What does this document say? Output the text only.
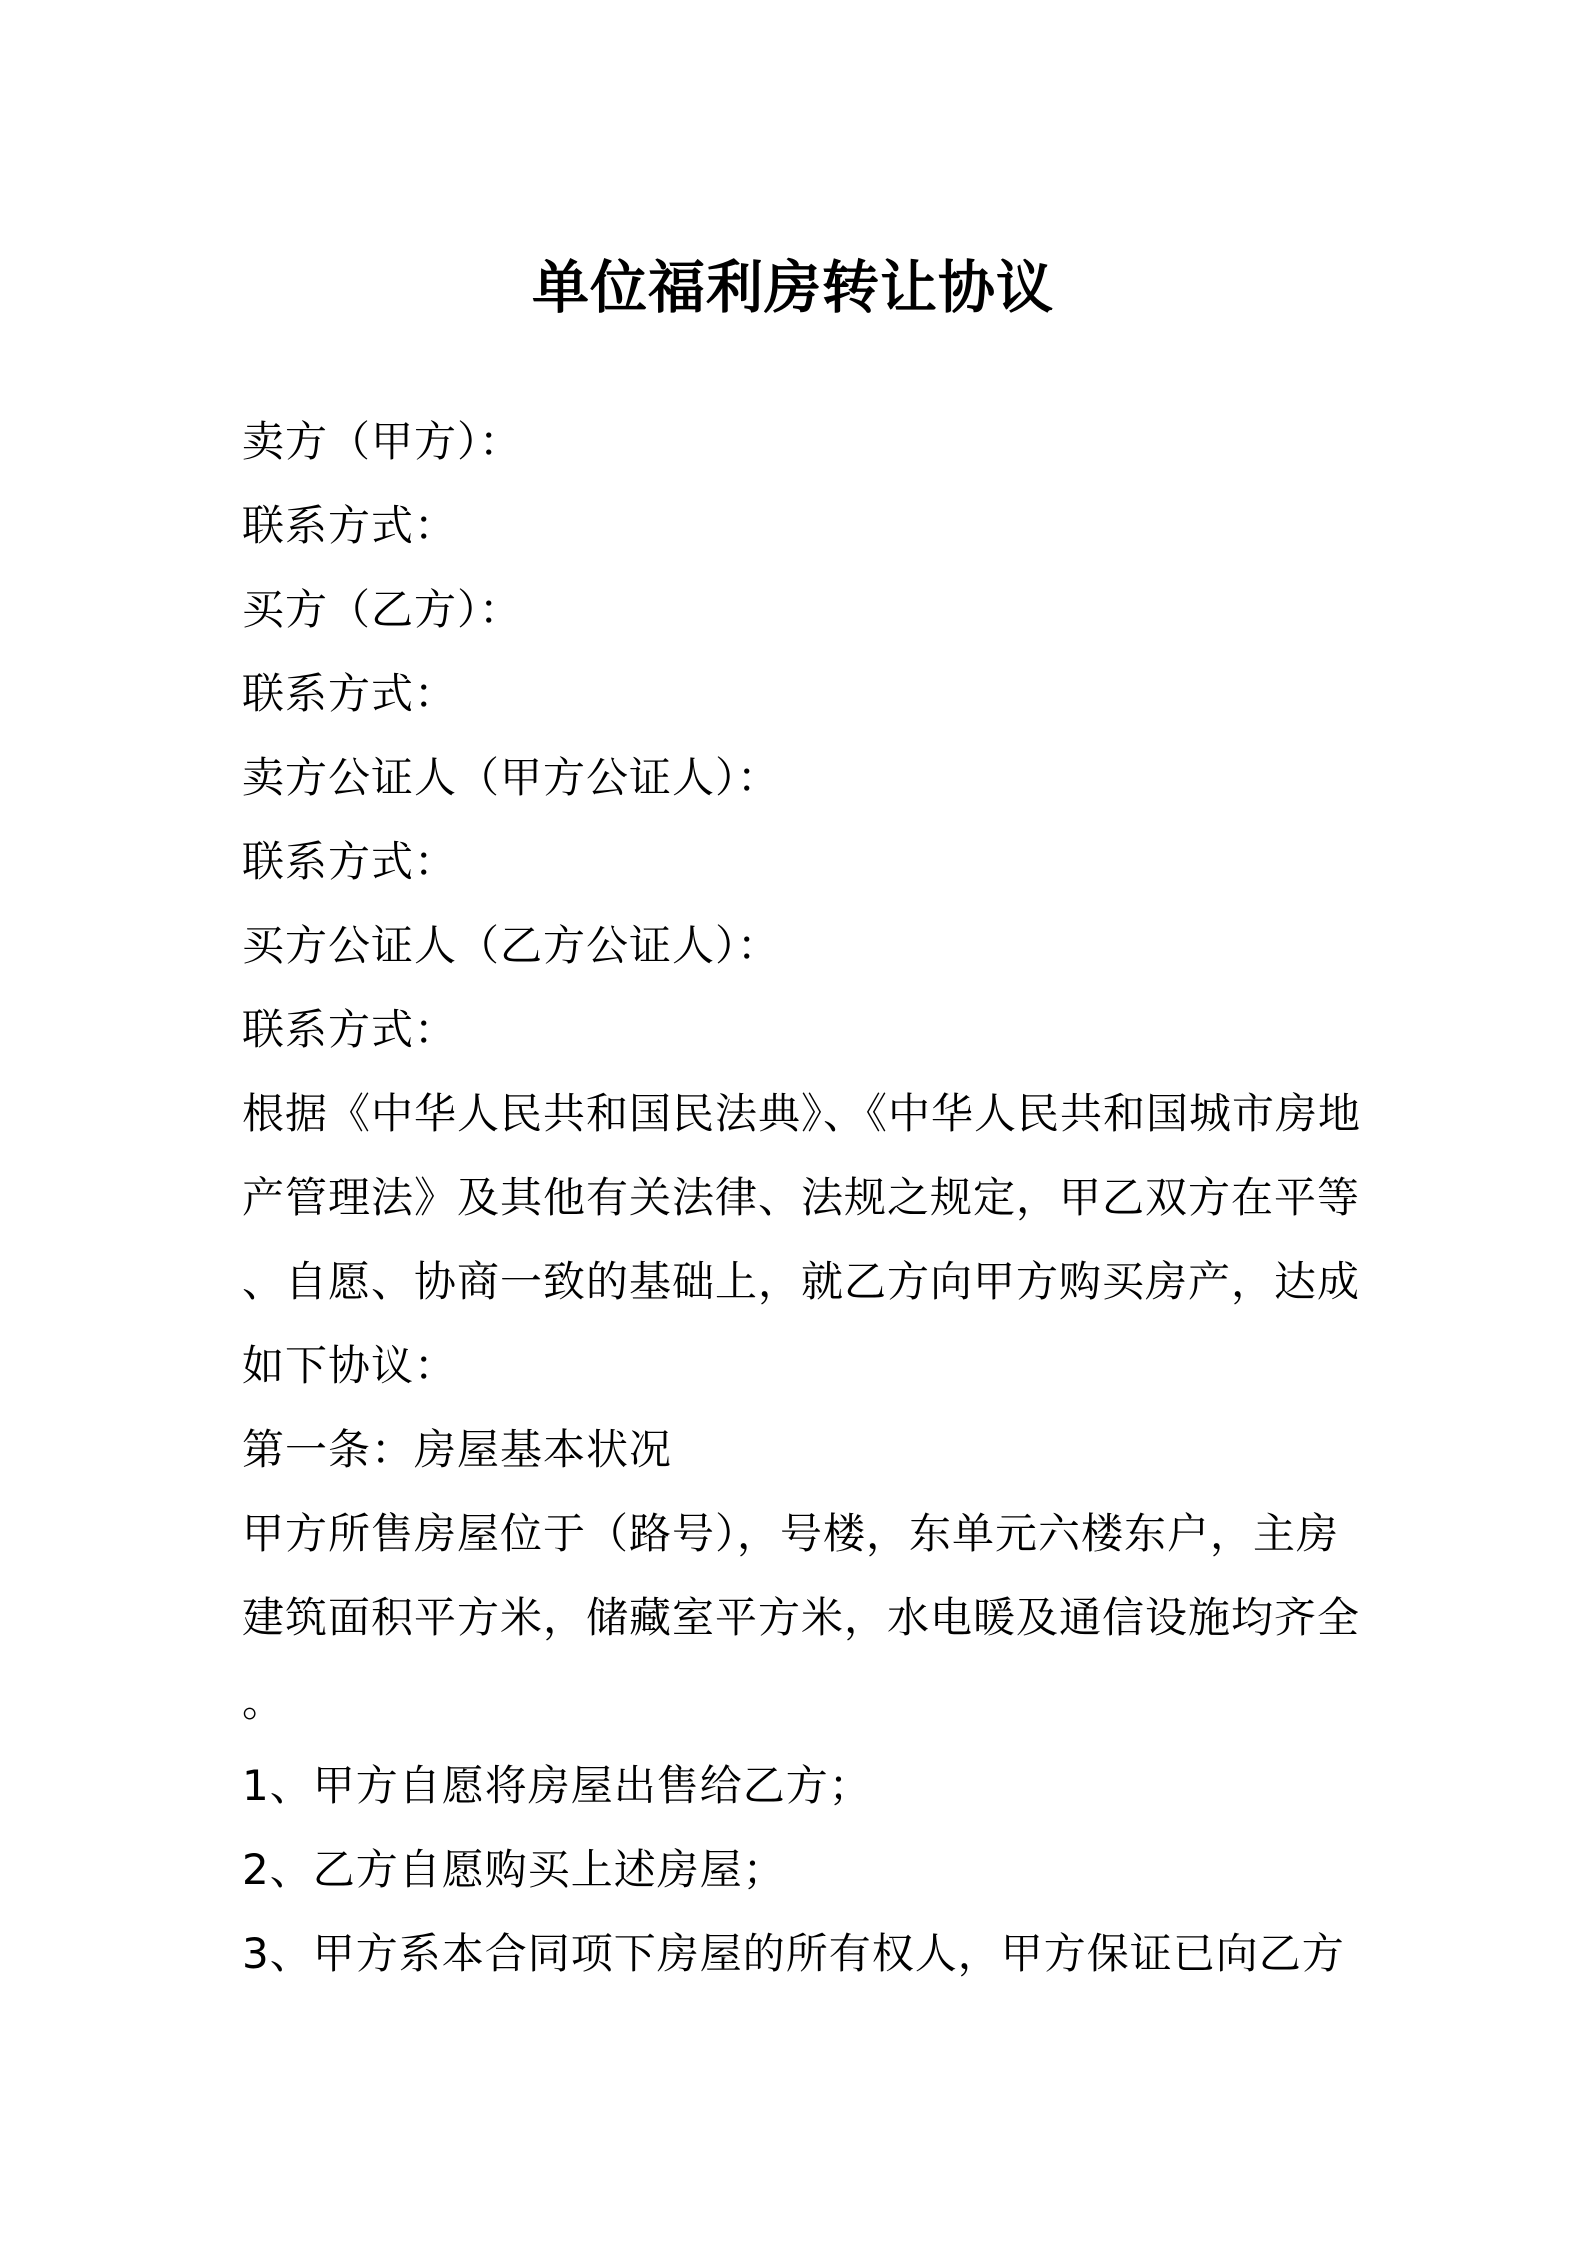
单位福利房转让协议
卖方（甲方）：
联系方式：
买方（乙方）：
联系方式：
卖方公证人（甲方公证人）：
联系方式：
买方公证人（乙方公证人）：
联系方式：
根据《中华人民共和国民法典》、《中华人民共和国城市房地
产管理法》及其他有关法律、法规之规定，甲乙双方在平等
、自愿、协商一致的基础上，就乙方向甲方购买房产，达成
如下协议：
第一条：房屋基本状况
甲方所售房屋位于（路号），号楼，东单元六楼东户，主房
建筑面积平方米，储藏室平方米，水电暖及通信设施均齐全
。
1、甲方自愿将房屋出售给乙方；
2、乙方自愿购买上述房屋；
3、甲方系本合同项下房屋的所有权人，甲方保证已向乙方
